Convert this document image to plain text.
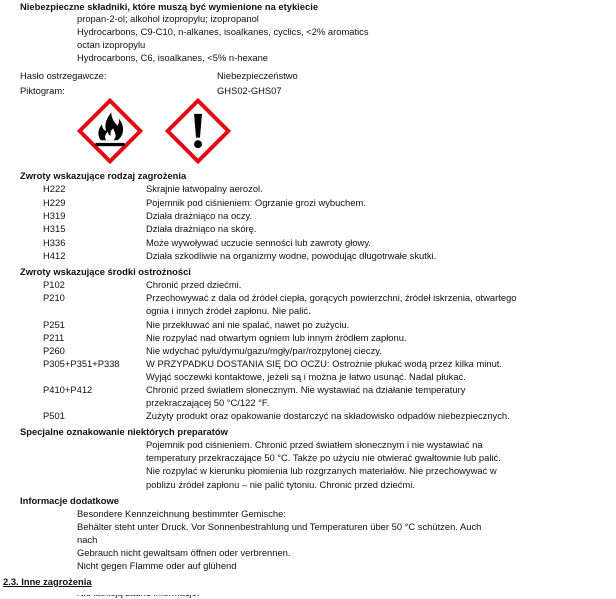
Niebezpieczne składniki, które muszą być wymienione na etykiecie
propan-2-ol; alkohol izopropylu; izopropanol
Hydrocarbons, C9-C10, n-alkanes, isoalkanes, cyclics, <2% aromatics
octan izopropylu
Hydrocarbons, C6, isoalkanes, <5% n-hexane
Hasło ostrzegawcze:	Niebezpieczeństwo
Piktogram:	GHS02-GHS07
Zwroty wskazujące rodzaj zagrożenia
H222	Skrajnie łatwopalny aerozol.
H229	Pojemnik pod ciśnieniem: Ogrzanie grozi wybuchem.
H319	Działa drażniąco na oczy.
H315	Działa drażniąco na skórę.
H336	Może wywoływać uczucie senności lub zawroty głowy.
H412	Działa szkodliwie na organizmy wodne, powodując długotrwałe skutki.
Zwroty wskazujące środki ostrożności
P102	Chronić przed dziećmi.
P210	Przechowywać z dala od źródeł ciepła, gorących powierzchni, źródeł iskrzenia, otwartego
ognia i innych źródeł zapłonu. Nie palić.
P251	Nie przekłuwać ani nie spalać, nawet po zużyciu.
P211	Nie rozpylać nad otwartym ogniem lub innym źródłem zapłonu.
P260	Nie wdychać pyłu/dymu/gazu/mgły/par/rozpylonej cieczy.
P305+P351+P338	W PRZYPADKU DOSTANIA SIĘ DO OCZU: Ostrożnie płukać wodą przez kilka minut.
Wyjąć soczewki kontaktowe, jeżeli są i można je łatwo usunąć. Nadal płukać.
P410+P412	Chronić przed światłem słonecznym. Nie wystawiać na działanie temperatury
przekraczającej 50 °C/122 °F.
P501	Zużyty produkt oraz opakowanie dostarczyć na składowisko odpadów niebezpiecznych.
Specjalne oznakowanie niektórych preparatów
Pojemnik pod ciśnieniem. Chronić przed światłem słonecznym i nie wystawiać na
temperatury przekraczające 50 °C. Także po użyciu nie otwierać gwałtownie lub palić.
Nie rozpylać w kierunku płomienia lub rozgrzanych materiałów. Nie przechowywać w
pobliżu źródeł zapłonu – nie palić tytoniu. Chronić przed dziećmi.
Informacje dodatkowe
Besondere Kennzeichnung bestimmter Gemische:
Behälter steht unter Druck. Vor Sonnenbestrahlung und Temperaturen über 50 °C schützen. Auch
nach
Gebrauch nicht gewaltsam öffnen oder verbrennen.
Nicht gegen Flamme oder auf glühend
2.3. Inne zagrożenia
